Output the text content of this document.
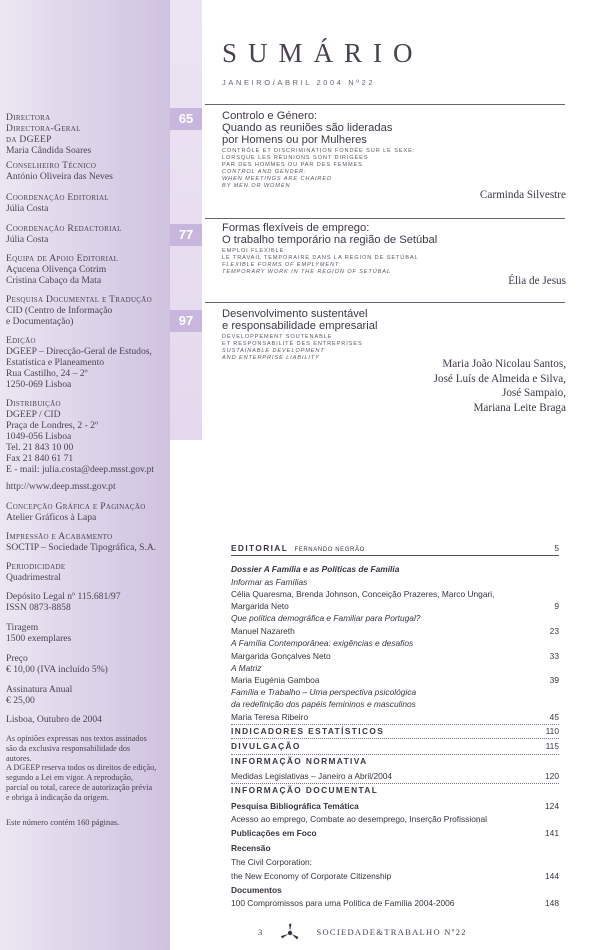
SUMÁRIO
JANEIRO/ABRIL 2004 Nº22
65	Controlo e Género:
Quando as reuniões são lideradas
por Homens ou por Mulheres
CONTRÔLE ET DISCRIMINATION FONDÉE SUR LE SEXE:
LORSQUE LES RÉUNIONS SONT DIRIGÉES
PAR DES HOMMES OU PAR DES FEMMES
CONTROL AND GENDER:
WHEN MEETINGS ARE CHAIRED
BY MEN OR WOMEN
Carminda Silvestre
77	Formas flexíveis de emprego:
O trabalho temporário na região de Setúbal
EMPLOI FLEXIBLE:
LE TRAVAIL TEMPORAIRE DANS LA RÉGION DE SETÚBAL
FLEXIBLE FORMS OF EMPLYMENT:
TEMPORARY WORK IN THE REGION OF SETÚBAL
Élia de Jesus
97	Desenvolvimento sustentável
e responsabilidade empresarial
DÉVELOPPEMENT SOUTENABLE
ET RESPONSABILITÉ DES ENTREPRISES
SUSTAINABLE DEVELOPMENT
AND ENTERPRISE LIABILITY	Maria João Nicolau Santos,
José Luís de Almeida e Silva,
José Sampaio,
Mariana Leite Braga
Directora
Directora-Geral
da DGEEP
Maria Cândida Soares
Conselheiro Técnico
António Oliveira das Neves
Coordenação Editorial
Júlia Costa
Coordenação Redactorial
Júlia Costa
Equipa de Apoio Editorial
Açucena Olivença Cotrim
Cristina Cabaço da Mata
Pesquisa Documental e Tradução
CID (Centro de Informação
e Documentação)
Edição
DGEEP – Direcção-Geral de Estudos,
Estatística e Planeamento
Rua Castilho, 24 – 2º
1250-069 Lisboa
Distribuição
DGEEP / CID
Praça de Londres, 2 - 2º
1049-056 Lisboa
Tel. 21 843 10 00
Fax 21 840 61 71
E - mail: julia.costa@deep.msst.gov.pt
http://www.deep.msst.gov.pt
Concepção Gráfica e Paginação
Atelier Gráficos à Lapa
Impressão e Acabamento
SOCTIP – Sociedade Tipográfica, S.A.
Periodicidade
Quadrimestral
Depósito Legal nº 115.681/97
ISSN 0873-8858
Tiragem
1500 exemplares
Preço
€ 10,00 (IVA incluído 5%)
Assinatura Anual
€ 25,00
Lisboa, Outubro de 2004
As opiniões expressas nos textos assinados
são da exclusiva responsabilidade dos
autores.
A DGEEP reserva todos os direitos de edição,
segundo a Lei em vigor. A reprodução,
parcial ou total, carece de autorização prévia
e obriga à indicação da origem.
Este número contém 160 páginas.
EDITORIAL FERNANDO NEGRÃO	5
Dossier A Família e as Políticas de Família
Informar as Famílias
Célia Quaresma, Brenda Johnson, Conceição Prazeres, Marco Ungari,
Margarida Neto	9
Que política demográfica e Familiar para Portugal?
Manuel Nazareth	23
A Família Contemporânea: exigências e desafios
Margarida Gonçalves Neto	33
A Matriz
Maria Eugénia Gamboa	39
Família e Trabalho – Uma perspectiva psicológica
da redefinição dos papéis femininos e masculinos
Maria Teresa Ribeiro	45
INDICADORES ESTATÍSTICOS	110
DIVULGAÇÃO	115
INFORMAÇÃO NORMATIVA
Medidas Legislativas – Janeiro a Abril/2004	120
INFORMAÇÃO DOCUMENTAL
Pesquisa Bibliográfica Temática	124
Acesso ao emprego, Combate ao desemprego, Inserção Profissional
Publicações em Foco	141
Recensão
The Civil Corporation:
the New Economy of Corporate Citizenship	144
Documentos
100 Compromissos para uma Política de Família 2004-2006	148
3	SOCIEDADE&TRABALHO Nº22
